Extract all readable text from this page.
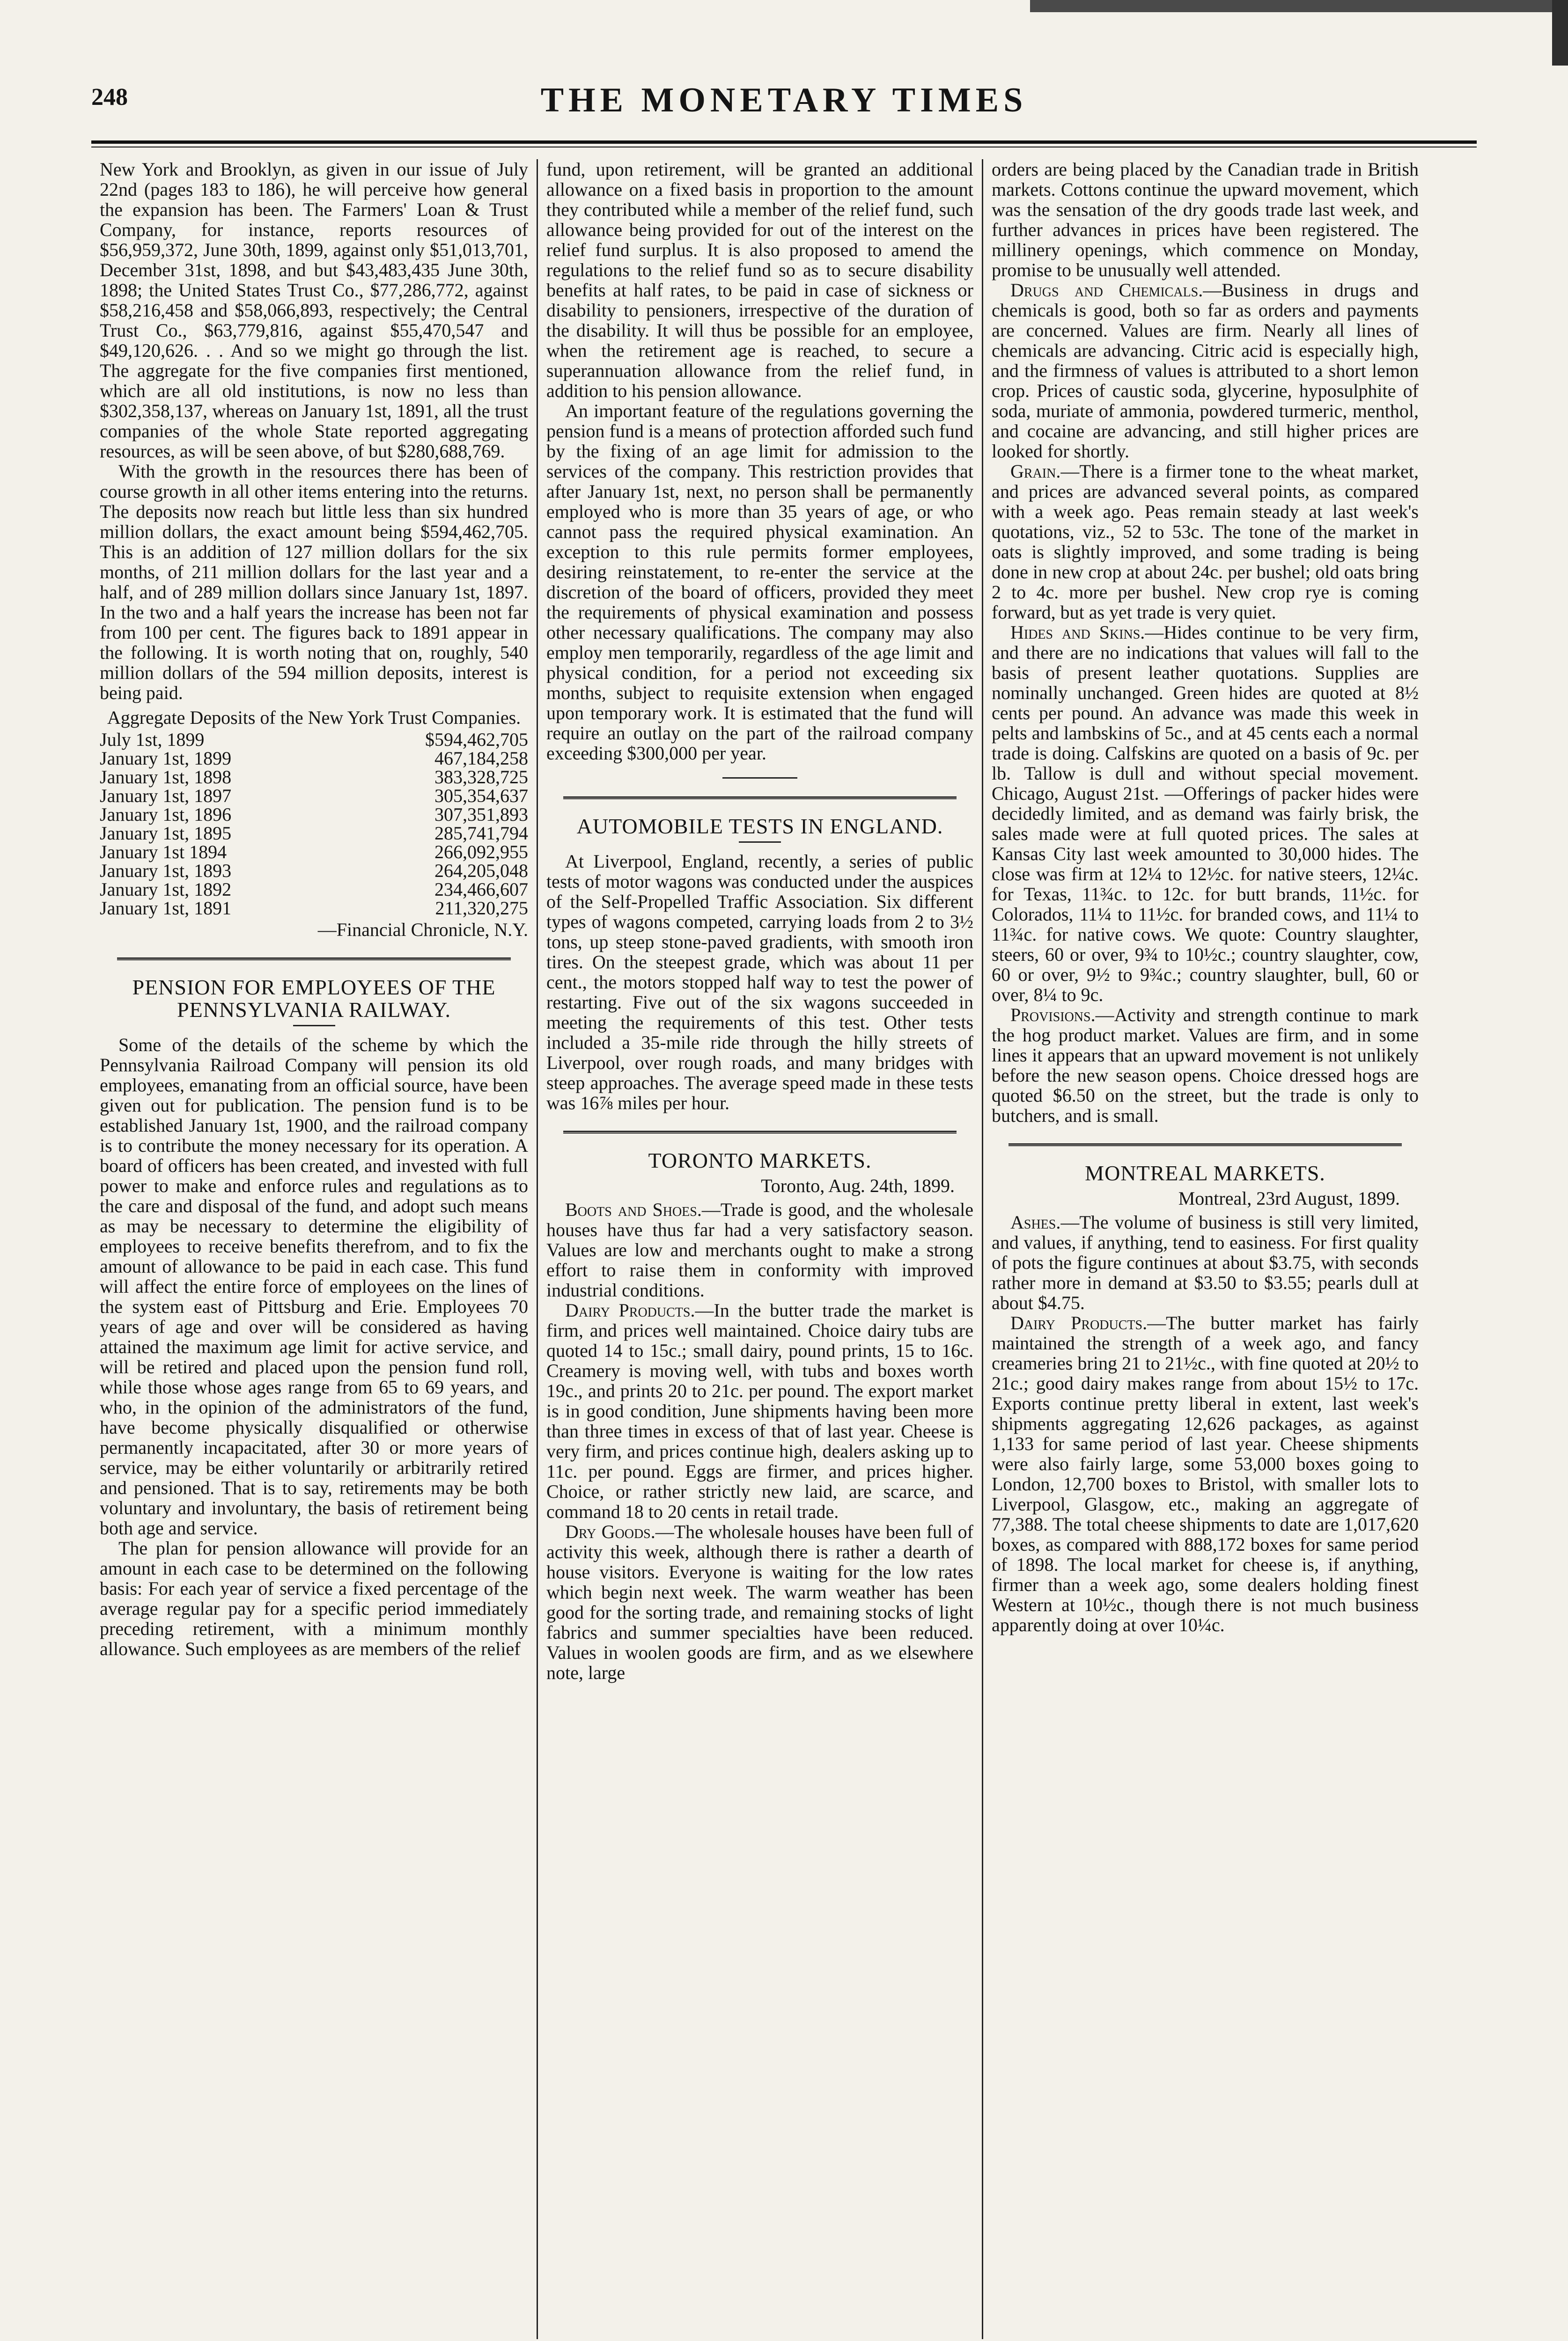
THE MONETARY TIMES
248

New York and Brooklyn, as given in our issue of July 22nd (pages 183 to 186), he will perceive how general the expansion has been. The Farmers' Loan & Trust Company, for instance, reports resources of $56,959,372, June 30th, 1899, against only $51,013,701, December 31st, 1898, and but $43,483,435 June 30th, 1898; the United States Trust Co., $77,286,772, against $58,216,458 and $58,066,893, respectively; the Central Trust Co., $63,779,816, against $55,470,547 and $49,120,626. . . And so we might go through the list. The aggregate for the five companies first mentioned, which are all old institutions, is now no less than $302,358,137, whereas on January 1st, 1891, all the trust companies of the whole State reported aggregating resources, as will be seen above, of but $280,688,769.

With the growth in the resources there has been of course growth in all other items entering into the returns. The deposits now reach but little less than six hundred million dollars, the exact amount being $594,462,705. This is an addition of 127 million dollars for the six months, of 211 million dollars for the last year and a half, and of 289 million dollars since January 1st, 1897. In the two and a half years the increase has been not far from 100 per cent. The figures back to 1891 appear in the following. It is worth noting that on, roughly, 540 million dollars of the 594 million deposits, interest is being paid.

Aggregate Deposits of the New York Trust Companies.
July 1st, 1899	$594,462,705
January 1st, 1899	467,184,258
January 1st, 1898	383,328,725
January 1st, 1897	305,354,637
January 1st, 1896	307,351,893
January 1st, 1895	285,741,794
January 1st 1894	266,092,955
January 1st, 1893	264,205,048
January 1st, 1892	234,466,607
January 1st, 1891	211,320,275
—Financial Chronicle, N.Y.
PENSION FOR EMPLOYEES OF THE PENNSYLVANIA RAILWAY.

Some of the details of the scheme by which the Pennsylvania Railroad Company will pension its old employees, emanating from an official source, have been given out for publication. The pension fund is to be established January 1st, 1900, and the railroad company is to contribute the money necessary for its operation. A board of officers has been created, and invested with full power to make and enforce rules and regulations as to the care and disposal of the fund, and adopt such means as may be necessary to determine the eligibility of employees to receive benefits therefrom, and to fix the amount of allowance to be paid in each case. This fund will affect the entire force of employees on the lines of the system east of Pittsburg and Erie. Employees 70 years of age and over will be considered as having attained the maximum age limit for active service, and will be retired and placed upon the pension fund roll, while those whose ages range from 65 to 69 years, and who, in the opinion of the administrators of the fund, have become physically disqualified or otherwise permanently incapacitated, after 30 or more years of service, may be either voluntarily or arbitrarily retired and pensioned. That is to say, retirements may be both voluntary and involuntary, the basis of retirement being both age and service.

The plan for pension allowance will provide for an amount in each case to be determined on the following basis: For each year of service a fixed percentage of the average regular pay for a specific period immediately preceding retirement, with a minimum monthly allowance. Such employees as are members of the relief

fund, upon retirement, will be granted an additional allowance on a fixed basis in proportion to the amount they contributed while a member of the relief fund, such allowance being provided for out of the interest on the relief fund surplus. It is also proposed to amend the regulations to the relief fund so as to secure disability benefits at half rates, to be paid in case of sickness or disability to pensioners, irrespective of the duration of the disability. It will thus be possible for an employee, when the retirement age is reached, to secure a superannuation allowance from the relief fund, in addition to his pension allowance.

An important feature of the regulations governing the pension fund is a means of protection afforded such fund by the fixing of an age limit for admission to the services of the company. This restriction provides that after January 1st, next, no person shall be permanently employed who is more than 35 years of age, or who cannot pass the required physical examination. An exception to this rule permits former employees, desiring reinstatement, to re-enter the service at the discretion of the board of officers, provided they meet the requirements of physical examination and possess other necessary qualifications. The company may also employ men temporarily, regardless of the age limit and physical condition, for a period not exceeding six months, subject to requisite extension when engaged upon temporary work. It is estimated that the fund will require an outlay on the part of the railroad company exceeding $300,000 per year.

AUTOMOBILE TESTS IN ENGLAND.

At Liverpool, England, recently, a series of public tests of motor wagons was conducted under the auspices of the Self-Propelled Traffic Association. Six different types of wagons competed, carrying loads from 2 to 3½ tons, up steep stone-paved gradients, with smooth iron tires. On the steepest grade, which was about 11 per cent., the motors stopped half way to test the power of restarting. Five out of the six wagons succeeded in meeting the requirements of this test. Other tests included a 35-mile ride through the hilly streets of Liverpool, over rough roads, and many bridges with steep approaches. The average speed made in these tests was 16⅞ miles per hour.

TORONTO MARKETS.
Toronto, Aug. 24th, 1899.

Boots and Shoes.—Trade is good, and the wholesale houses have thus far had a very satisfactory season. Values are low and merchants ought to make a strong effort to raise them in conformity with improved industrial conditions.

Dairy Products.—In the butter trade the market is firm, and prices well maintained. Choice dairy tubs are quoted 14 to 15c.; small dairy, pound prints, 15 to 16c. Creamery is moving well, with tubs and boxes worth 19c., and prints 20 to 21c. per pound. The export market is in good condition, June shipments having been more than three times in excess of that of last year. Cheese is very firm, and prices continue high, dealers asking up to 11c. per pound. Eggs are firmer, and prices higher. Choice, or rather strictly new laid, are scarce, and command 18 to 20 cents in retail trade.

Dry Goods.—The wholesale houses have been full of activity this week, although there is rather a dearth of house visitors. Everyone is waiting for the low rates which begin next week. The warm weather has been good for the sorting trade, and remaining stocks of light fabrics and summer specialties have been reduced. Values in woolen goods are firm, and as we elsewhere note, large

orders are being placed by the Canadian trade in British markets. Cottons continue the upward movement, which was the sensation of the dry goods trade last week, and further advances in prices have been registered. The millinery openings, which commence on Monday, promise to be unusually well attended.

Drugs and Chemicals.—Business in drugs and chemicals is good, both so far as orders and payments are concerned. Values are firm. Nearly all lines of chemicals are advancing. Citric acid is especially high, and the firmness of values is attributed to a short lemon crop. Prices of caustic soda, glycerine, hyposulphite of soda, muriate of ammonia, powdered turmeric, menthol, and cocaine are advancing, and still higher prices are looked for shortly.

Grain.—There is a firmer tone to the wheat market, and prices are advanced several points, as compared with a week ago. Peas remain steady at last week's quotations, viz., 52 to 53c. The tone of the market in oats is slightly improved, and some trading is being done in new crop at about 24c. per bushel; old oats bring 2 to 4c. more per bushel. New crop rye is coming forward, but as yet trade is very quiet.

Hides and Skins.—Hides continue to be very firm, and there are no indications that values will fall to the basis of present leather quotations. Supplies are nominally unchanged. Green hides are quoted at 8½ cents per pound. An advance was made this week in pelts and lambskins of 5c., and at 45 cents each a normal trade is doing. Calfskins are quoted on a basis of 9c. per lb. Tallow is dull and without special movement. Chicago, August 21st. —Offerings of packer hides were decidedly limited, and as demand was fairly brisk, the sales made were at full quoted prices. The sales at Kansas City last week amounted to 30,000 hides. The close was firm at 12¼ to 12½c. for native steers, 12¼c. for Texas, 11¾c. to 12c. for butt brands, 11½c. for Colorados, 11¼ to 11½c. for branded cows, and 11¼ to 11¾c. for native cows. We quote: Country slaughter, steers, 60 or over, 9¾ to 10½c.; country slaughter, cow, 60 or over, 9½ to 9¾c.; country slaughter, bull, 60 or over, 8¼ to 9c.

Provisions.—Activity and strength continue to mark the hog product market. Values are firm, and in some lines it appears that an upward movement is not unlikely before the new season opens. Choice dressed hogs are quoted $6.50 on the street, but the trade is only to butchers, and is small.

MONTREAL MARKETS.
Montreal, 23rd August, 1899.

Ashes.—The volume of business is still very limited, and values, if anything, tend to easiness. For first quality of pots the figure continues at about $3.75, with seconds rather more in demand at $3.50 to $3.55; pearls dull at about $4.75.

Dairy Products.—The butter market has fairly maintained the strength of a week ago, and fancy creameries bring 21 to 21½c., with fine quoted at 20½ to 21c.; good dairy makes range from about 15½ to 17c. Exports continue pretty liberal in extent, last week's shipments aggregating 12,626 packages, as against 1,133 for same period of last year. Cheese shipments were also fairly large, some 53,000 boxes going to London, 12,700 boxes to Bristol, with smaller lots to Liverpool, Glasgow, etc., making an aggregate of 77,388. The total cheese shipments to date are 1,017,620 boxes, as compared with 888,172 boxes for same period of 1898. The local market for cheese is, if anything, firmer than a week ago, some dealers holding finest Western at 10½c., though there is not much business apparently doing at over 10¼c.
